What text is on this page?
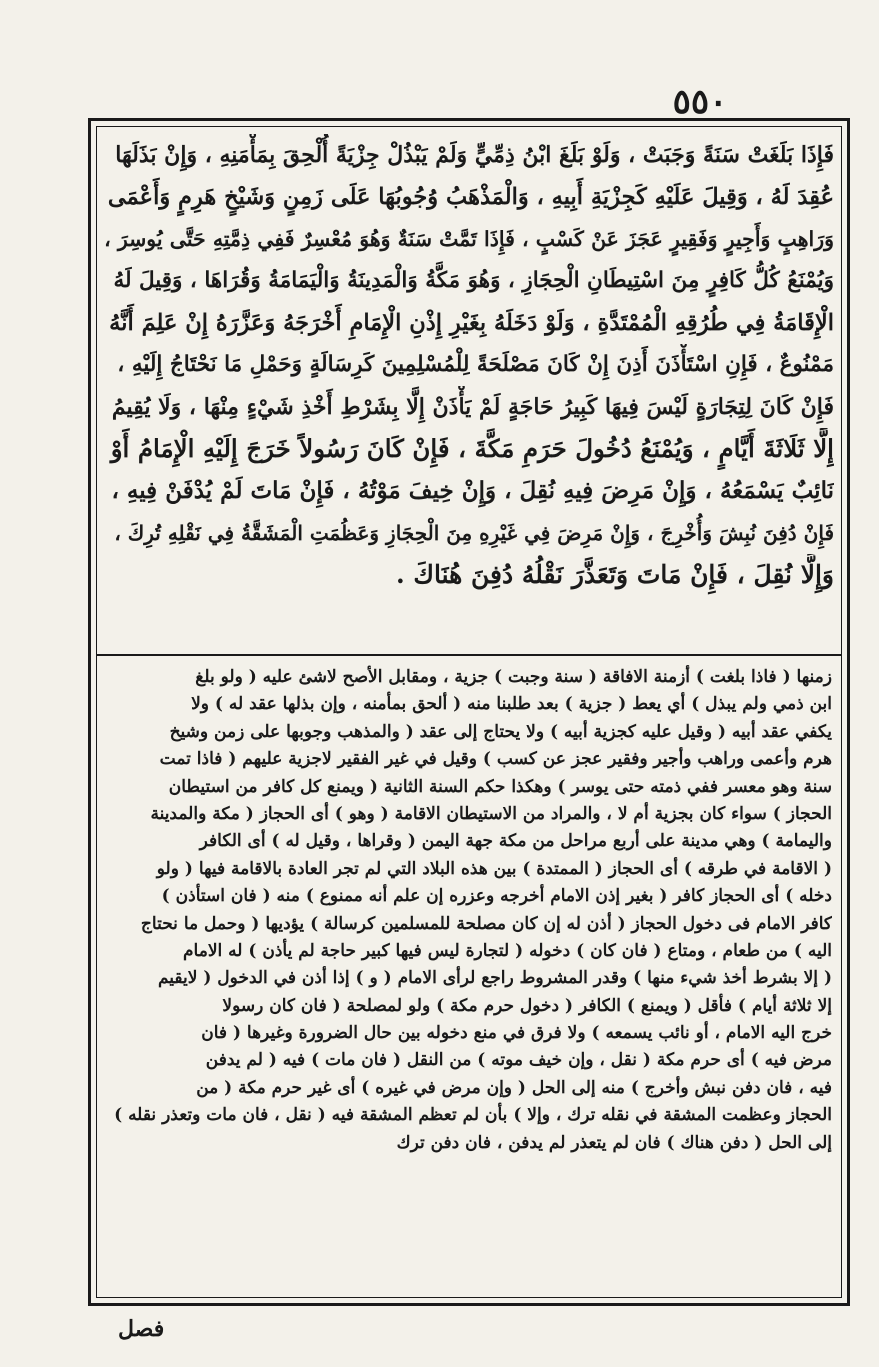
٥٥٠
فَإِذَا بَلَغَتْ سَنَةً وَجَبَتْ ، وَلَوْ بَلَغَ ابْنُ ذِمِّيٍّ وَلَمْ يَبْذُلْ جِزْيَةً أُلْحِقَ بِمَأْمَنِهِ ، وَإِنْ بَذَلَهَا
عُقِدَ لَهُ ، وَقِيلَ عَلَيْهِ كَجِزْيَةِ أَبِيهِ ، وَالْمَذْهَبُ وُجُوبُهَا عَلَى زَمِنٍ وَشَيْخٍ هَرِمٍ وَأَعْمَى
وَرَاهِبٍ وَأَجِيرٍ وَفَقِيرٍ عَجَزَ عَنْ كَسْبٍ ، فَإِذَا تَمَّتْ سَنَةٌ وَهُوَ مُعْسِرٌ فَفِي ذِمَّتِهِ حَتَّى يُوسِرَ ،
وَيُمْنَعُ كُلُّ كَافِرٍ مِنَ اسْتِيطَانِ الْحِجَازِ ، وَهُوَ مَكَّةُ وَالْمَدِينَةُ وَالْيَمَامَةُ وَقُرَاهَا ، وَقِيلَ لَهُ
الْإِقَامَةُ فِي طُرُقِهِ الْمُمْتَدَّةِ ، وَلَوْ دَخَلَهُ بِغَيْرِ إِذْنِ الْإِمَامِ أَخْرَجَهُ وَعَزَّرَهُ إِنْ عَلِمَ أَنَّهُ
مَمْنُوعٌ ، فَإِنِ اسْتَأْذَنَ أَذِنَ إِنْ كَانَ مَصْلَحَةً لِلْمُسْلِمِينَ كَرِسَالَةٍ وَحَمْلِ مَا نَحْتَاجُ إِلَيْهِ ،
فَإِنْ كَانَ لِتِجَارَةٍ لَيْسَ فِيهَا كَبِيرُ حَاجَةٍ لَمْ يَأْذَنْ إِلَّا بِشَرْطِ أَخْذِ شَيْءٍ مِنْهَا ، وَلَا يُقِيمُ
إِلَّا ثَلَاثَةَ أَيَّامٍ ، وَيُمْنَعُ دُخُولَ حَرَمِ مَكَّةَ ، فَإِنْ كَانَ رَسُولاً خَرَجَ إِلَيْهِ الْإِمَامُ أَوْ
نَائِبٌ يَسْمَعُهُ ، وَإِنْ مَرِضَ فِيهِ نُقِلَ ، وَإِنْ خِيفَ مَوْتُهُ ، فَإِنْ مَاتَ لَمْ يُدْفَنْ فِيهِ ،
فَإِنْ دُفِنَ نُبِشَ وَأُخْرِجَ ، وَإِنْ مَرِضَ فِي غَيْرِهِ مِنَ الْحِجَازِ وَعَظُمَتِ الْمَشَقَّةُ فِي نَقْلِهِ تُرِكَ ،
وَإِلَّا نُقِلَ ، فَإِنْ مَاتَ وَتَعَذَّرَ نَقْلُهُ دُفِنَ هُنَاكَ .
زمنها ( فاذا بلغت ) أزمنة الافاقة ( سنة وجبت ) جزية ، ومقابل الأصح لاشئ عليه ( ولو بلغ
ابن ذمي ولم يبذل ) أي يعط ( جزية ) بعد طلبنا منه ( ألحق بمأمنه ، وإن بذلها عقد له ) ولا
يكفي عقد أبيه ( وقيل عليه كجزية أبيه ) ولا يحتاج إلى عقد ( والمذهب وجوبها على زمن وشيخ
هرم وأعمى وراهب وأجير وفقير عجز عن كسب ) وقيل في غير الفقير لاجزية عليهم ( فاذا تمت
سنة وهو معسر ففي ذمته حتى يوسر ) وهكذا حكم السنة الثانية ( ويمنع كل كافر من استيطان
الحجاز ) سواء كان بجزية أم لا ، والمراد من الاستيطان الاقامة ( وهو ) أى الحجاز ( مكة والمدينة
واليمامة ) وهي مدينة على أربع مراحل من مكة جهة اليمن ( وقراها ، وقيل له ) أى الكافر
( الاقامة في طرقه ) أى الحجاز ( الممتدة ) بين هذه البلاد التي لم تجر العادة بالاقامة فيها ( ولو
دخله ) أى الحجاز كافر ( بغير إذن الامام أخرجه وعزره إن علم أنه ممنوع ) منه ( فان استأذن )
كافر الامام فى دخول الحجاز ( أذن له إن كان مصلحة للمسلمين كرسالة ) يؤديها ( وحمل ما نحتاج
اليه ) من طعام ، ومتاع ( فان كان ) دخوله ( لتجارة ليس فيها كبير حاجة لم يأذن ) له الامام
( إلا بشرط أخذ شيء منها ) وقدر المشروط راجع لرأى الامام ( و ) إذا أذن في الدخول ( لايقيم
إلا ثلاثة أيام ) فأقل ( ويمنع ) الكافر ( دخول حرم مكة ) ولو لمصلحة ( فان كان رسولا
خرج اليه الامام ، أو نائب يسمعه ) ولا فرق في منع دخوله بين حال الضرورة وغيرها ( فان
مرض فيه ) أى حرم مكة ( نقل ، وإن خيف موته ) من النقل ( فان مات ) فيه ( لم يدفن
فيه ، فان دفن نبش وأخرج ) منه إلى الحل ( وإن مرض في غيره ) أى غير حرم مكة ( من
الحجاز وعظمت المشقة في نقله ترك ، وإلا ) بأن لم تعظم المشقة فيه ( نقل ، فان مات وتعذر نقله )
إلى الحل ( دفن هناك ) فان لم يتعذر لم يدفن ، فان دفن ترك
فصل
